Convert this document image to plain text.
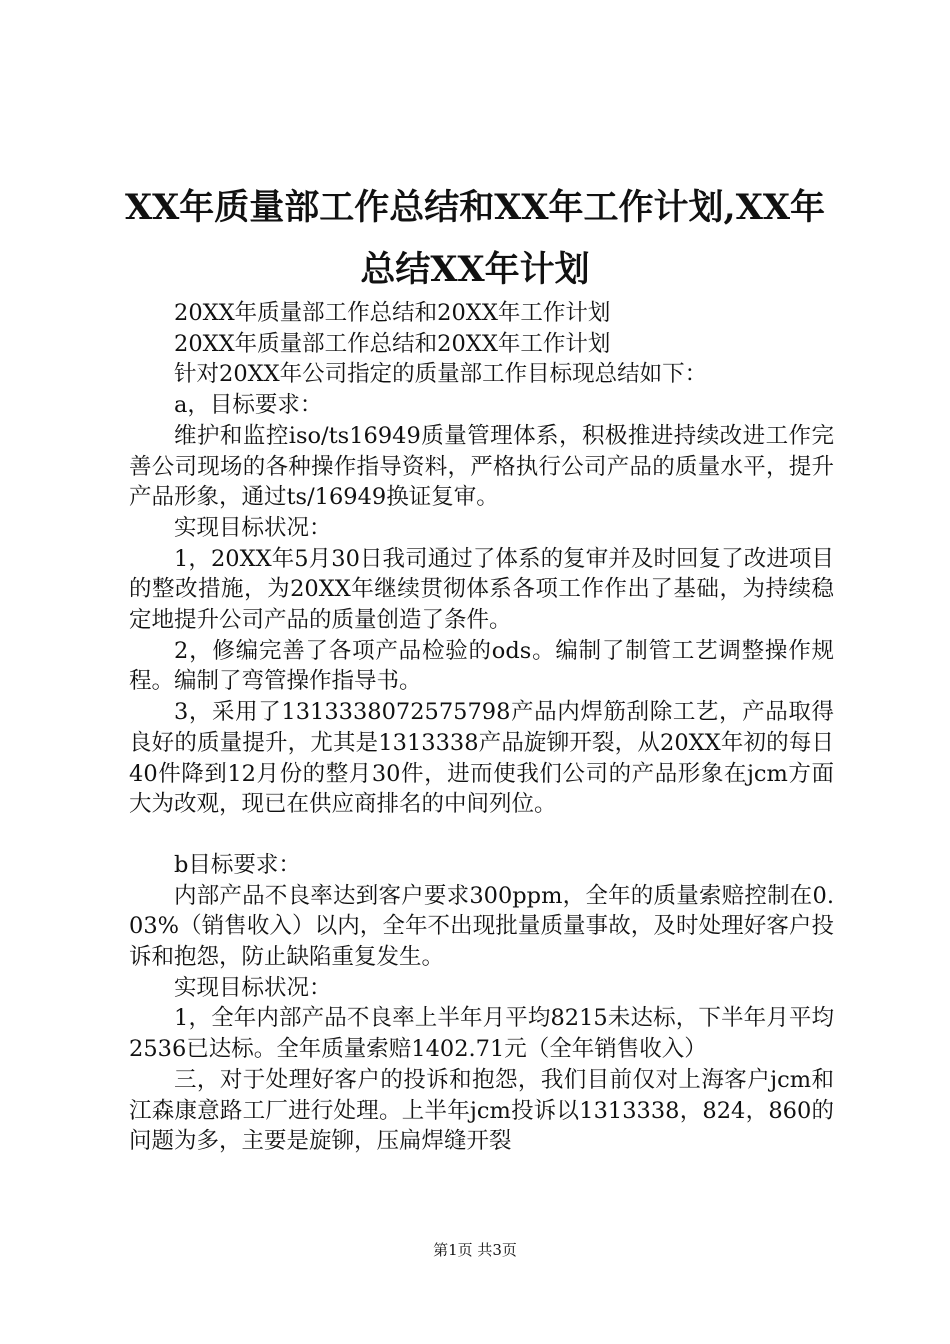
XX年质量部工作总结和XX年工作计划,XX年
总结XX年计划

20XX年质量部工作总结和20XX年工作计划

20XX年质量部工作总结和20XX年工作计划

针对20XX年公司指定的质量部工作目标现总结如下：

a，目标要求：

维护和监控iso/ts16949质量管理体系，积极推进持续改进工作完善公司现场的各种操作指导资料，严格执行公司产品的质量水平，提升产品形象，通过ts/16949换证复审。

实现目标状况：

1，20XX年5月30日我司通过了体系的复审并及时回复了改进项目的整改措施，为20XX年继续贯彻体系各项工作作出了基础，为持续稳定地提升公司产品的质量创造了条件。

2，修编完善了各项产品检验的ods。编制了制管工艺调整操作规程。编制了弯管操作指导书。

3，采用了1313338072575798产品内焊筋刮除工艺，产品取得良好的质量提升，尤其是1313338产品旋铆开裂，从20XX年初的每日40件降到12月份的整月30件，进而使我们公司的产品形象在jcm方面大为改观，现已在供应商排名的中间列位。

b目标要求：

内部产品不良率达到客户要求300ppm，全年的质量索赔控制在0.03%（销售收入）以内，全年不出现批量质量事故，及时处理好客户投诉和抱怨，防止缺陷重复发生。

实现目标状况：

1，全年内部产品不良率上半年月平均8215未达标，下半年月平均2536已达标。全年质量索赔1402.71元（全年销售收入）

三，对于处理好客户的投诉和抱怨，我们目前仅对上海客户jcm和江森康意路工厂进行处理。上半年jcm投诉以1313338，824，860的问题为多，主要是旋铆，压扁焊缝开裂

第1页 共3页
